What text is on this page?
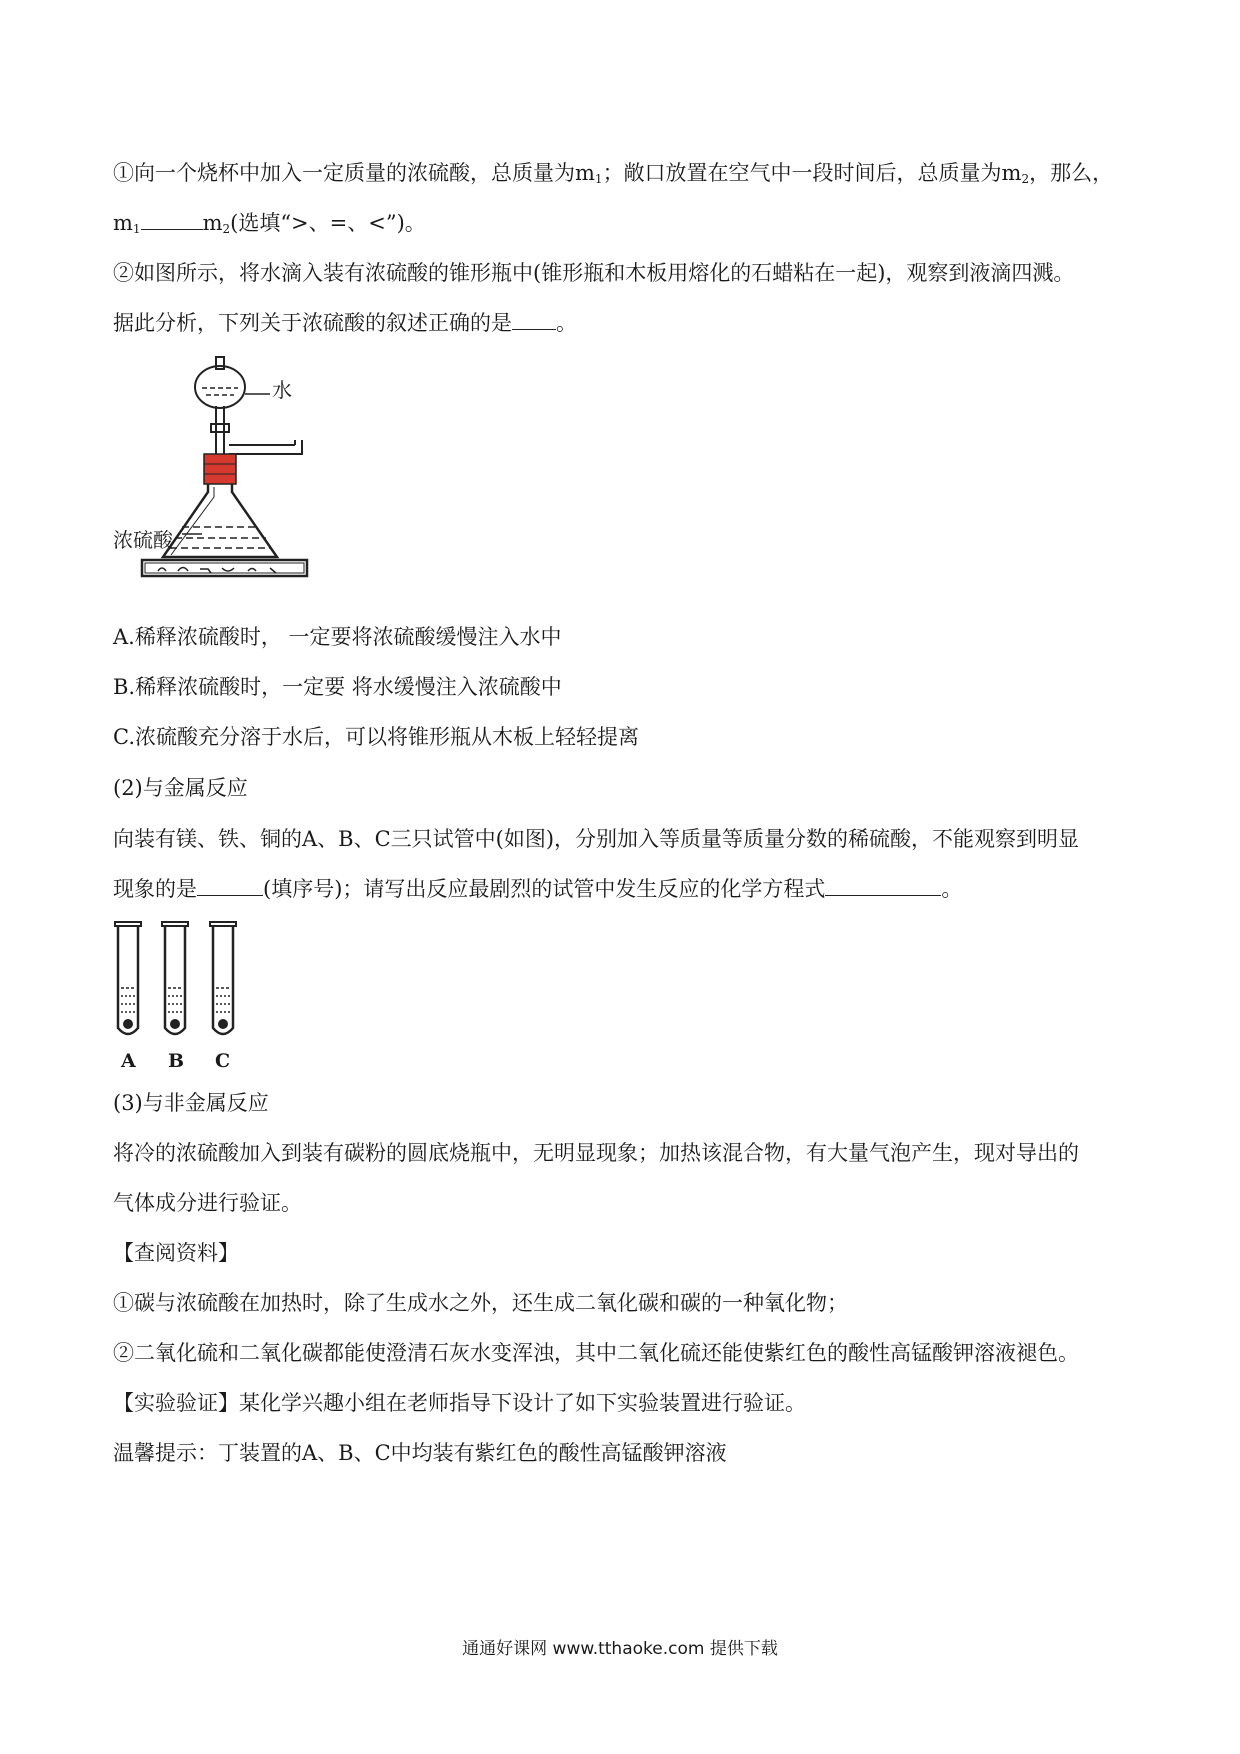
①向一个烧杯中加入一定质量的浓硫酸，总质量为$m_1$；敞口放置在空气中一段时间后，总质量为$m_2$，那么，
$m_1$	$m_2$(选填“>、=、<”)。
②如图所示，将水滴入装有浓硫酸的锥形瓶中(锥形瓶和木板用熔化的石蜡粘在一起)，观察到液滴四溅。
据此分析，下列关于浓硫酸的叙述正确的是 。
水
浓硫酸
A.稀释浓硫酸时， 一定要将浓硫酸缓慢注入水中
B.稀释浓硫酸时，一定要 将水缓慢注入浓硫酸中
C.浓硫酸充分溶于水后，可以将锥形瓶从木板上轻轻提离
(2)与金属反应
向装有镁、铁、铜的A、B、C三只试管中(如图)，分别加入等质量等质量分数的稀硫酸，不能观察到明显
现象的是	(填序号)；请写出反应最剧烈的试管中发生反应的化学方程式	。
A B C
(3)与非金属反应
将冷的浓硫酸加入到装有碳粉的圆底烧瓶中，无明显现象；加热该混合物，有大量气泡产生，现对导出的
气体成分进行验证。
【查阅资料】
①碳与浓硫酸在加热时，除了生成水之外，还生成二氧化碳和碳的一种氧化物；
②二氧化硫和二氧化碳都能使澄清石灰水变浑浊，其中二氧化硫还能使紫红色的酸性高锰酸钾溶液褪色。
【实验验证】某化学兴趣小组在老师指导下设计了如下实验装置进行验证。
温馨提示：丁装置的A、B、C中均装有紫红色的酸性高锰酸钾溶液
通通好课网 www.tthaoke.com 提供下载
